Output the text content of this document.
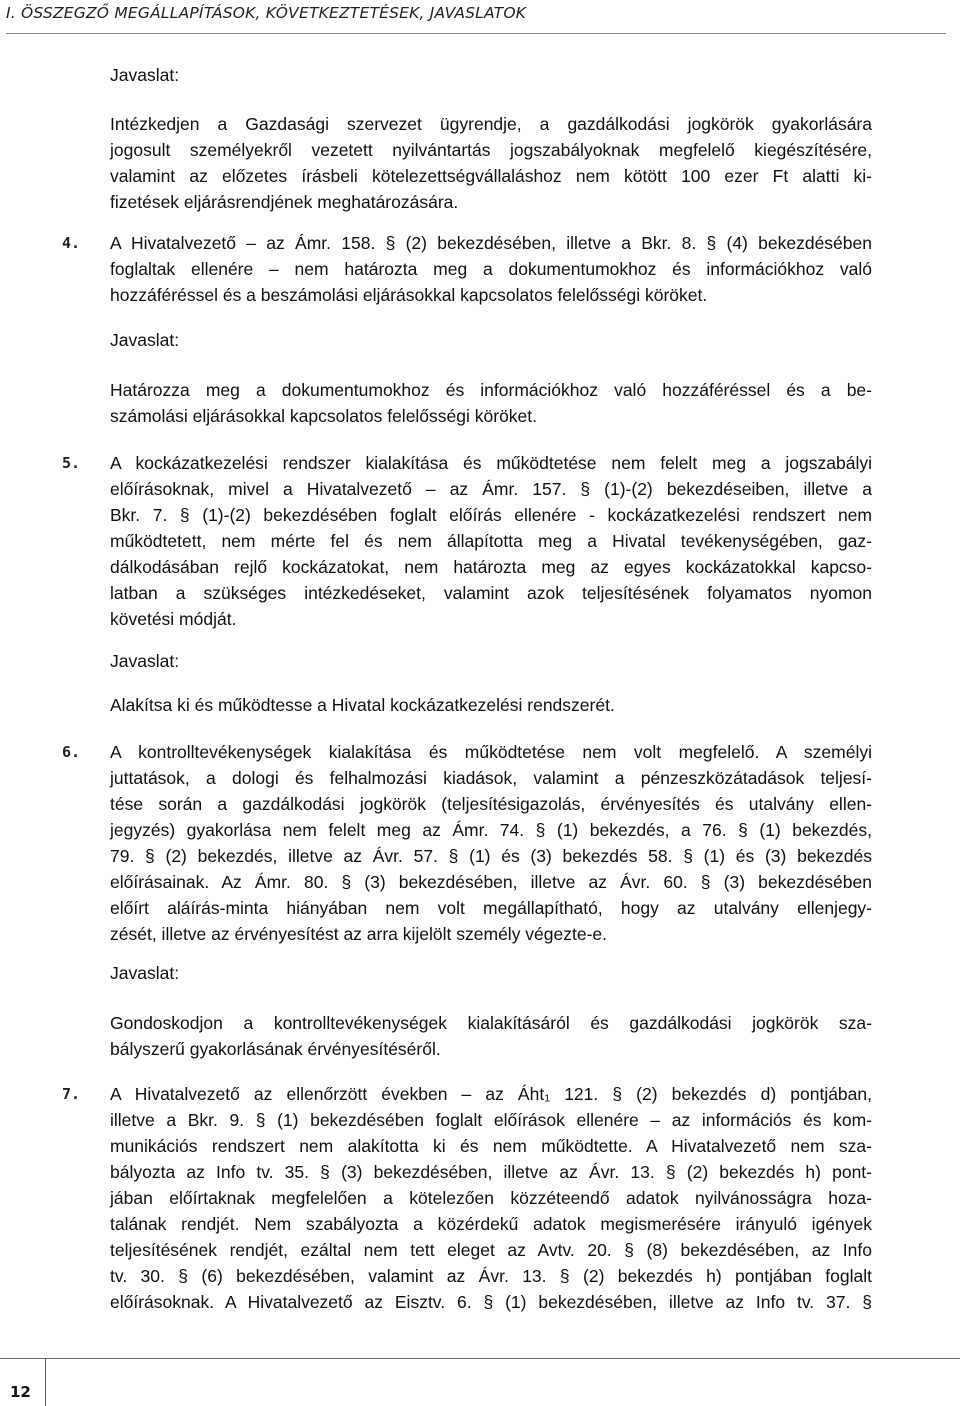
I. ÖSSZEGZŐ MEGÁLLAPÍTÁSOK, KÖVETKEZTETÉSEK, JAVASLATOK
Javaslat:
Intézkedjen a Gazdasági szervezet ügyrendje, a gazdálkodási jogkörök gyakorlására
jogosult személyekről vezetett nyilvántartás jogszabályoknak megfelelő kiegészítésére,
valamint az előzetes írásbeli kötelezettségvállaláshoz nem kötött 100 ezer Ft alatti ki-
fizetések eljárásrendjének meghatározására.
4. A Hivatalvezető – az Ámr. 158. § (2) bekezdésében, illetve a Bkr. 8. § (4) bekezdésében
foglaltak ellenére – nem határozta meg a dokumentumokhoz és információkhoz való
hozzáféréssel és a beszámolási eljárásokkal kapcsolatos felelősségi köröket.
Javaslat:
Határozza meg a dokumentumokhoz és információkhoz való hozzáféréssel és a be-
számolási eljárásokkal kapcsolatos felelősségi köröket.
5. A kockázatkezelési rendszer kialakítása és működtetése nem felelt meg a jogszabályi
előírásoknak, mivel a Hivatalvezető – az Ámr. 157. § (1)-(2) bekezdéseiben, illetve a
Bkr. 7. § (1)-(2) bekezdésében foglalt előírás ellenére - kockázatkezelési rendszert nem
működtetett, nem mérte fel és nem állapította meg a Hivatal tevékenységében, gaz-
dálkodásában rejlő kockázatokat, nem határozta meg az egyes kockázatokkal kapcso-
latban a szükséges intézkedéseket, valamint azok teljesítésének folyamatos nyomon
követési módját.
Javaslat:
Alakítsa ki és működtesse a Hivatal kockázatkezelési rendszerét.
6. A kontrolltevékenységek kialakítása és működtetése nem volt megfelelő. A személyi
juttatások, a dologi és felhalmozási kiadások, valamint a pénzeszközátadások teljesí-
tése során a gazdálkodási jogkörök (teljesítésigazolás, érvényesítés és utalvány ellen-
jegyzés) gyakorlása nem felelt meg az Ámr. 74. § (1) bekezdés, a 76. § (1) bekezdés,
79. § (2) bekezdés, illetve az Ávr. 57. § (1) és (3) bekezdés 58. § (1) és (3) bekezdés
előírásainak. Az Ámr. 80. § (3) bekezdésében, illetve az Ávr. 60. § (3) bekezdésében
előírt aláírás-minta hiányában nem volt megállapítható, hogy az utalvány ellenjegy-
zését, illetve az érvényesítést az arra kijelölt személy végezte-e.
Javaslat:
Gondoskodjon a kontrolltevékenységek kialakításáról és gazdálkodási jogkörök sza-
bályszerű gyakorlásának érvényesítéséről.
7. A Hivatalvezető az ellenőrzött években – az Áht₁ 121. § (2) bekezdés d) pontjában,
illetve a Bkr. 9. § (1) bekezdésében foglalt előírások ellenére – az információs és kom-
munikációs rendszert nem alakította ki és nem működtette. A Hivatalvezető nem sza-
bályozta az Info tv. 35. § (3) bekezdésében, illetve az Ávr. 13. § (2) bekezdés h) pont-
jában előírtaknak megfelelően a kötelezően közzéteendő adatok nyilvánosságra hoza-
talának rendjét. Nem szabályozta a közérdekű adatok megismerésére irányuló igények
teljesítésének rendjét, ezáltal nem tett eleget az Avtv. 20. § (8) bekezdésében, az Info
tv. 30. § (6) bekezdésében, valamint az Ávr. 13. § (2) bekezdés h) pontjában foglalt
előírásoknak. A Hivatalvezető az Eisztv. 6. § (1) bekezdésében, illetve az Info tv. 37. §
12
